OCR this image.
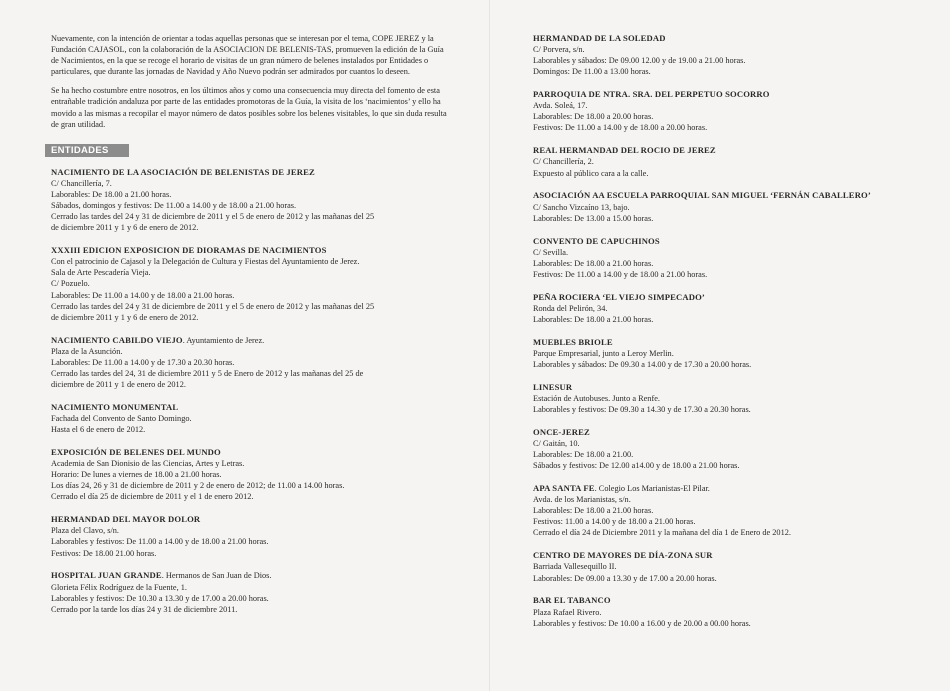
Nuevamente, con la intención de orientar a todas aquellas personas que se interesan por el tema, COPE JEREZ y la Fundación CAJASOL, con la colaboración de la ASOCIACION DE BELENIS-TAS, promueven la edición de la Guía de Nacimientos, en la que se recoge el horario de visitas de un gran número de belenes instalados por Entidades o particulares, que durante las jornadas de Navidad y Año Nuevo podrán ser admirados por cuantos lo deseen.

Se ha hecho costumbre entre nosotros, en los últimos años y como una consecuencia muy directa del fomento de esta entrañable tradición andaluza por parte de las entidades promotoras de la Guía, la visita de los ‘nacimientos’ y ello ha movido a las mismas a recopilar el mayor número de datos posibles sobre los belenes visitables, lo que sin duda resulta de gran utilidad.

ENTIDADES
NACIMIENTO DE LA ASOCIACIÓN DE BELENISTAS DE JEREZ
C/ Chancillería, 7.
Laborables: De 18.00 a 21.00 horas.
Sábados, domingos y festivos: De 11.00 a 14.00 y de 18.00 a 21.00 horas.
Cerrado las tardes del 24 y 31 de diciembre de 2011 y el 5 de enero de 2012 y las mañanas del 25
de diciembre 2011 y 1 y 6 de enero de 2012.
XXXIII EDICION EXPOSICION DE DIORAMAS DE NACIMIENTOS
Con el patrocinio de Cajasol y la Delegación de Cultura y Fiestas del Ayuntamiento de Jerez.
Sala de Arte Pescadería Vieja.
C/ Pozuelo.
Laborables: De 11.00 a 14.00 y de 18.00 a 21.00 horas.
Cerrado las tardes del 24 y 31 de diciembre de 2011 y el 5 de enero de 2012 y las mañanas del 25
de diciembre 2011 y 1 y 6 de enero de 2012.
NACIMIENTO CABILDO VIEJO. Ayuntamiento de Jerez.
Plaza de la Asunción.
Laborables: De 11.00 a 14.00 y de 17.30 a 20.30 horas.
Cerrado las tardes del 24, 31 de diciembre 2011 y 5 de Enero de 2012 y las mañanas del 25 de
diciembre de 2011 y 1 de enero de 2012.
NACIMIENTO MONUMENTAL
Fachada del Convento de Santo Domingo.
Hasta el 6 de enero de 2012.
EXPOSICIÓN DE BELENES DEL MUNDO
Academia de San Dionisio de las Ciencias, Artes y Letras.
Horario: De lunes a viernes de 18.00 a 21.00 horas.
Los días 24, 26 y 31 de diciembre de 2011 y 2 de enero de 2012; de 11.00 a 14.00 horas.
Cerrado el día 25 de diciembre de 2011 y el 1 de enero 2012.
HERMANDAD DEL MAYOR DOLOR
Plaza del Clavo, s/n.
Laborables y festivos: De 11.00 a 14.00 y de 18.00 a 21.00 horas.
Festivos: De 18.00 21.00 horas.
HOSPITAL JUAN GRANDE. Hermanos de San Juan de Dios.
Glorieta Félix Rodríguez de la Fuente, 1.
Laborables y festivos: De 10.30 a 13.30 y de 17.00 a 20.00 horas.
Cerrado por la tarde los días 24 y 31 de diciembre 2011.
HERMANDAD DE LA SOLEDAD
C/ Porvera, s/n.
Laborables y sábados: De 09.00 12.00 y de 19.00 a 21.00 horas.
Domingos: De 11.00 a 13.00 horas.
PARROQUIA DE NTRA. SRA. DEL PERPETUO SOCORRO
Avda. Soleá, 17.
Laborables: De 18.00 a 20.00 horas.
Festivos: De 11.00 a 14.00 y de 18.00 a 20.00 horas.
REAL HERMANDAD DEL ROCIO DE JEREZ
C/ Chancillería, 2.
Expuesto al público cara a la calle.
ASOCIACIÓN AA ESCUELA PARROQUIAL SAN MIGUEL ‘FERNÁN CABALLERO’
C/ Sancho Vizcaíno 13, bajo.
Laborables: De 13.00 a 15.00 horas.
CONVENTO DE CAPUCHINOS
C/ Sevilla.
Laborables: De 18.00 a 21.00 horas.
Festivos: De 11.00 a 14.00 y de 18.00 a 21.00 horas.
PEÑA ROCIERA ‘EL VIEJO SIMPECADO’
Ronda del Pelirón, 34.
Laborables: De 18.00 a 21.00 horas.
MUEBLES BRIOLE
Parque Empresarial, junto a Leroy Merlin.
Laborables y sábados: De 09.30 a 14.00 y de 17.30 a 20.00 horas.
LINESUR
Estación de Autobuses. Junto a Renfe.
Laborables y festivos: De 09.30 a 14.30 y de 17.30 a 20.30 horas.
ONCE-JEREZ
C/ Gaitán, 10.
Laborables: De 18.00 a 21.00.
Sábados y festivos: De 12.00 a14.00 y de 18.00 a 21.00 horas.
APA SANTA FE. Colegio Los Marianistas-El Pilar.
Avda. de los Marianistas, s/n.
Laborables: De 18.00 a 21.00 horas.
Festivos: 11.00 a 14.00 y de 18.00 a 21.00 horas.
Cerrado el día 24 de Diciembre 2011 y la mañana del día 1 de Enero de 2012.
CENTRO DE MAYORES DE DÍA-ZONA SUR
Barriada Vallesequillo II.
Laborables: De 09.00 a 13.30 y de 17.00 a 20.00 horas.
BAR EL TABANCO
Plaza Rafael Rivero.
Laborables y festivos: De 10.00 a 16.00 y de 20.00 a 00.00 horas.
